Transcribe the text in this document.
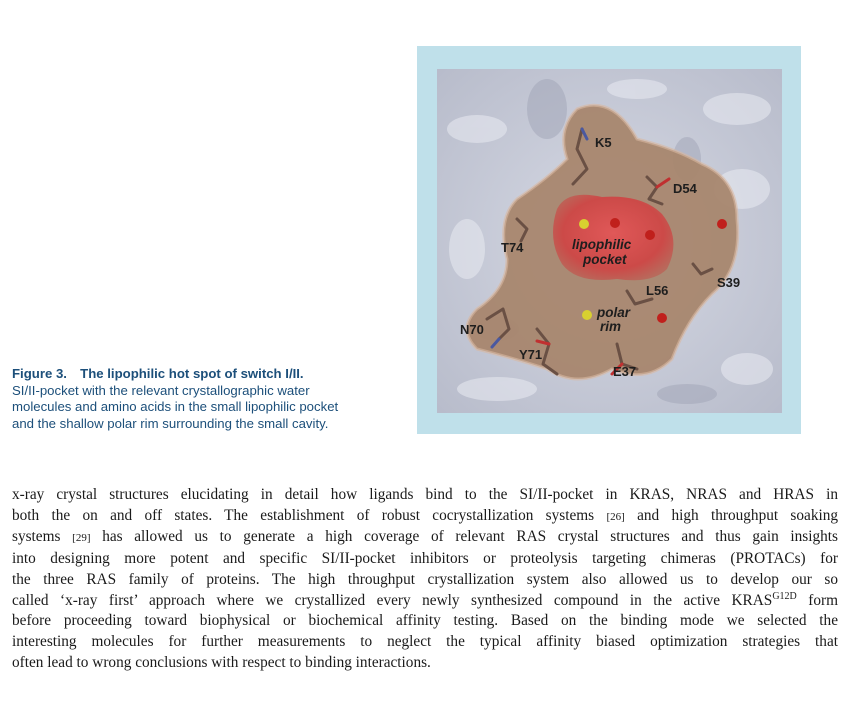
K5
D54
T74
S39
L56
N70
Y71
E37
lipophilic
pocket
polar
rim
Figure 3. The lipophilic hot spot of switch I/II.
SI/II-pocket with the relevant crystallographic water
molecules and amino acids in the small lipophilic pocket
and the shallow polar rim surrounding the small cavity.
x-ray crystal structures elucidating in detail how ligands bind to the SI/II-pocket in KRAS, NRAS and HRAS in
both the on and off states. The establishment of robust cocrystallization systems [26] and high throughput soaking
systems [29] has allowed us to generate a high coverage of relevant RAS crystal structures and thus gain insights
into designing more potent and specific SI/II-pocket inhibitors or proteolysis targeting chimeras (PROTACs) for
the three RAS family of proteins. The high throughput crystallization system also allowed us to develop our so
called ‘x-ray first’ approach where we crystallized every newly synthesized compound in the active $KRAS^{G12D}$ form
before proceeding toward biophysical or biochemical affinity testing. Based on the binding mode we selected the
interesting molecules for further measurements to neglect the typical affinity biased optimization strategies that
often lead to wrong conclusions with respect to binding interactions.
